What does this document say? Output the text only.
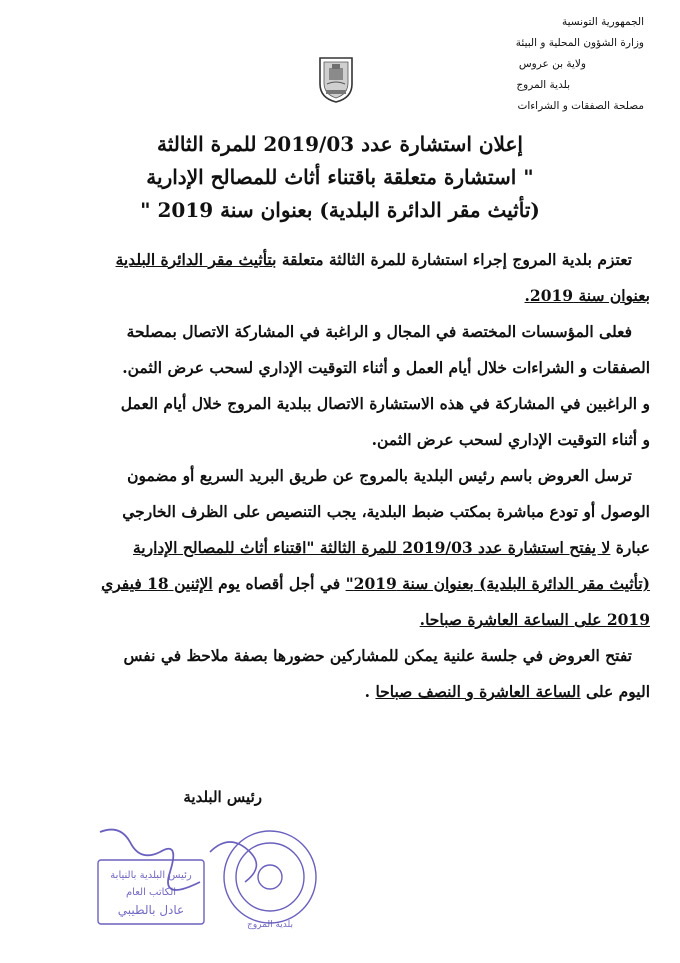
الجمهورية التونسية
وزارة الشؤون المحلية و البيئة
ولاية بن عروس
بلدية المروج
مصلحة الصفقات و الشراءات
إعلان استشارة عدد 2019/03 للمرة الثالثة
" استشارة متعلقة باقتناء أثاث للمصالح الإدارية
(تأثيث مقر الدائرة البلدية) بعنوان سنة 2019 "
تعتزم بلدية المروج إجراء استشارة للمرة الثالثة متعلقة بتأثيث مقر الدائرة البلدية
بعنوان سنة 2019.
فعلى المؤسسات المختصة في المجال و الراغبة في المشاركة الاتصال بمصلحة
الصفقات و الشراءات خلال أيام العمل و أثناء التوقيت الإداري لسحب عرض الثمن.
و الراغبين في المشاركة في هذه الاستشارة الاتصال ببلدية المروج خلال أيام العمل
و أثناء التوقيت الإداري لسحب عرض الثمن.
ترسل العروض باسم رئيس البلدية بالمروج عن طريق البريد السريع أو مضمون
الوصول أو تودع مباشرة بمكتب ضبط البلدية، يجب التنصيص على الظرف الخارجي
عبارة لا يفتح استشارة عدد 2019/03 للمرة الثالثة "اقتناء أثاث للمصالح الإدارية
(تأثيث مقر الدائرة البلدية) بعنوان سنة 2019" في أجل أقصاه يوم الإثنين 18 فيفري
2019 على الساعة العاشرة صباحا.
تفتح العروض في جلسة علنية يمكن للمشاركين حضورها بصفة ملاحظ في نفس
اليوم على الساعة العاشرة و النصف صباحا .
رئيس البلدية
رئيس البلدية بالنيابة
الكاتب العام
عادل بالطيبي
بلدية المروج
